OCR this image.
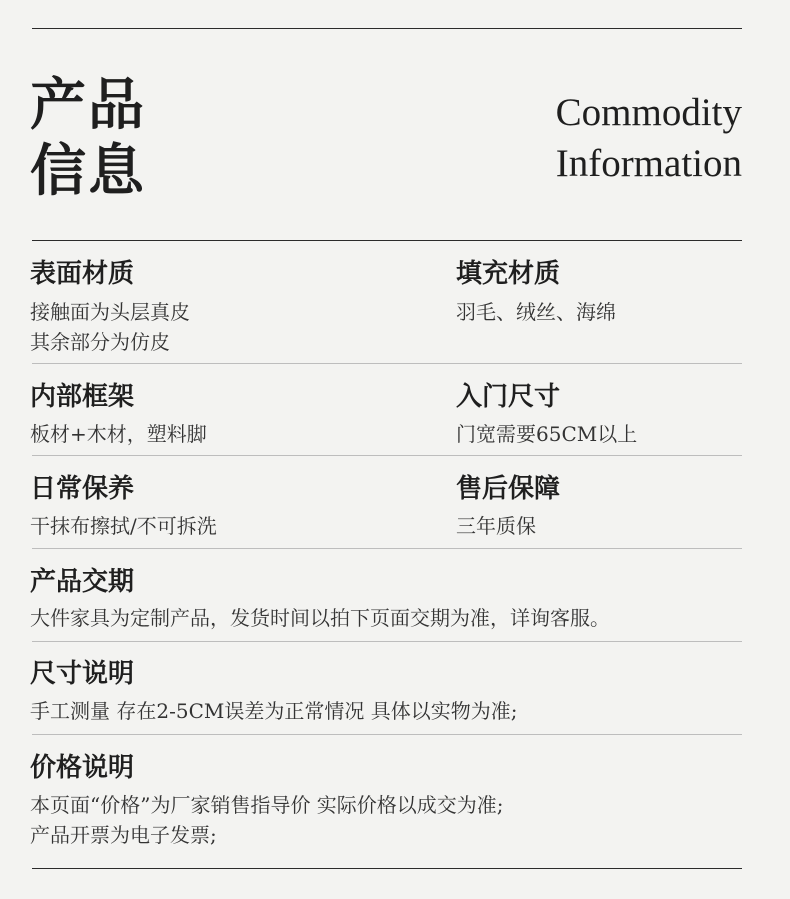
产品
信息
Commodity
Information
表面材质
接触面为头层真皮
其余部分为仿皮
填充材质
羽毛、绒丝、海绵
内部框架
板材+木材，塑料脚
入门尺寸
门宽需要65CM以上
日常保养
干抹布擦拭/不可拆洗
售后保障
三年质保
产品交期
大件家具为定制产品，发货时间以拍下页面交期为准，详询客服。
尺寸说明
手工测量 存在2-5CM误差为正常情况 具体以实物为准;
价格说明
本页面“价格”为厂家销售指导价 实际价格以成交为准;
产品开票为电子发票;
